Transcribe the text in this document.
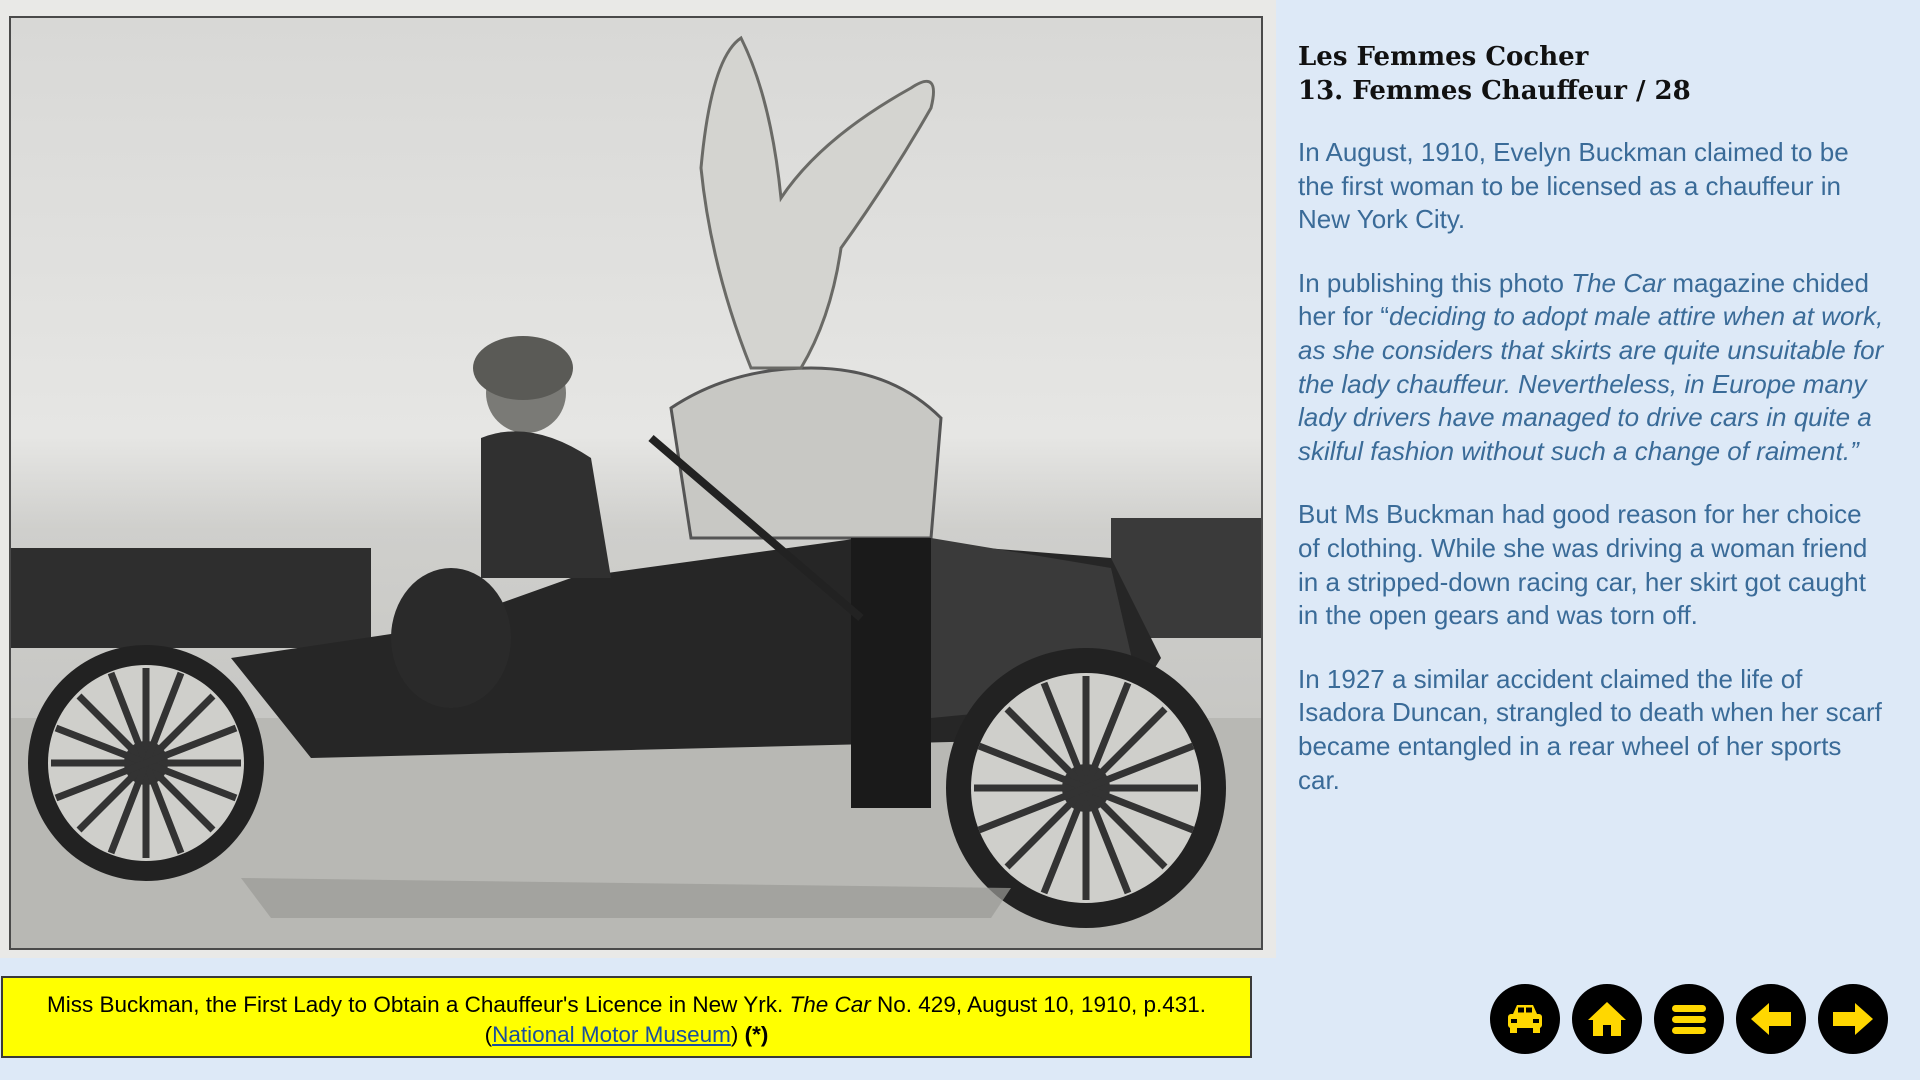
Les Femmes Cocher
13. Femmes Chauffeur / 28

In August, 1910, Evelyn Buckman claimed to be the first woman to be licensed as a chauffeur in New York City.

In publishing this photo The Car magazine chided her for “deciding to adopt male attire when at work, as she considers that skirts are quite unsuitable for the lady chauffeur. Nevertheless, in Europe many lady drivers have managed to drive cars in quite a skilful fashion without such a change of raiment.”

But Ms Buckman had good reason for her choice of clothing. While she was driving a woman friend in a stripped-down racing car, her skirt got caught in the open gears and was torn off.

In 1927 a similar accident claimed the life of Isadora Duncan, strangled to death when her scarf became entangled in a rear wheel of her sports car.

Miss Buckman, the First Lady to Obtain a Chauffeur's Licence in New Yrk. The Car No. 429, August 10, 1910, p.431. (National Motor Museum) (*)
